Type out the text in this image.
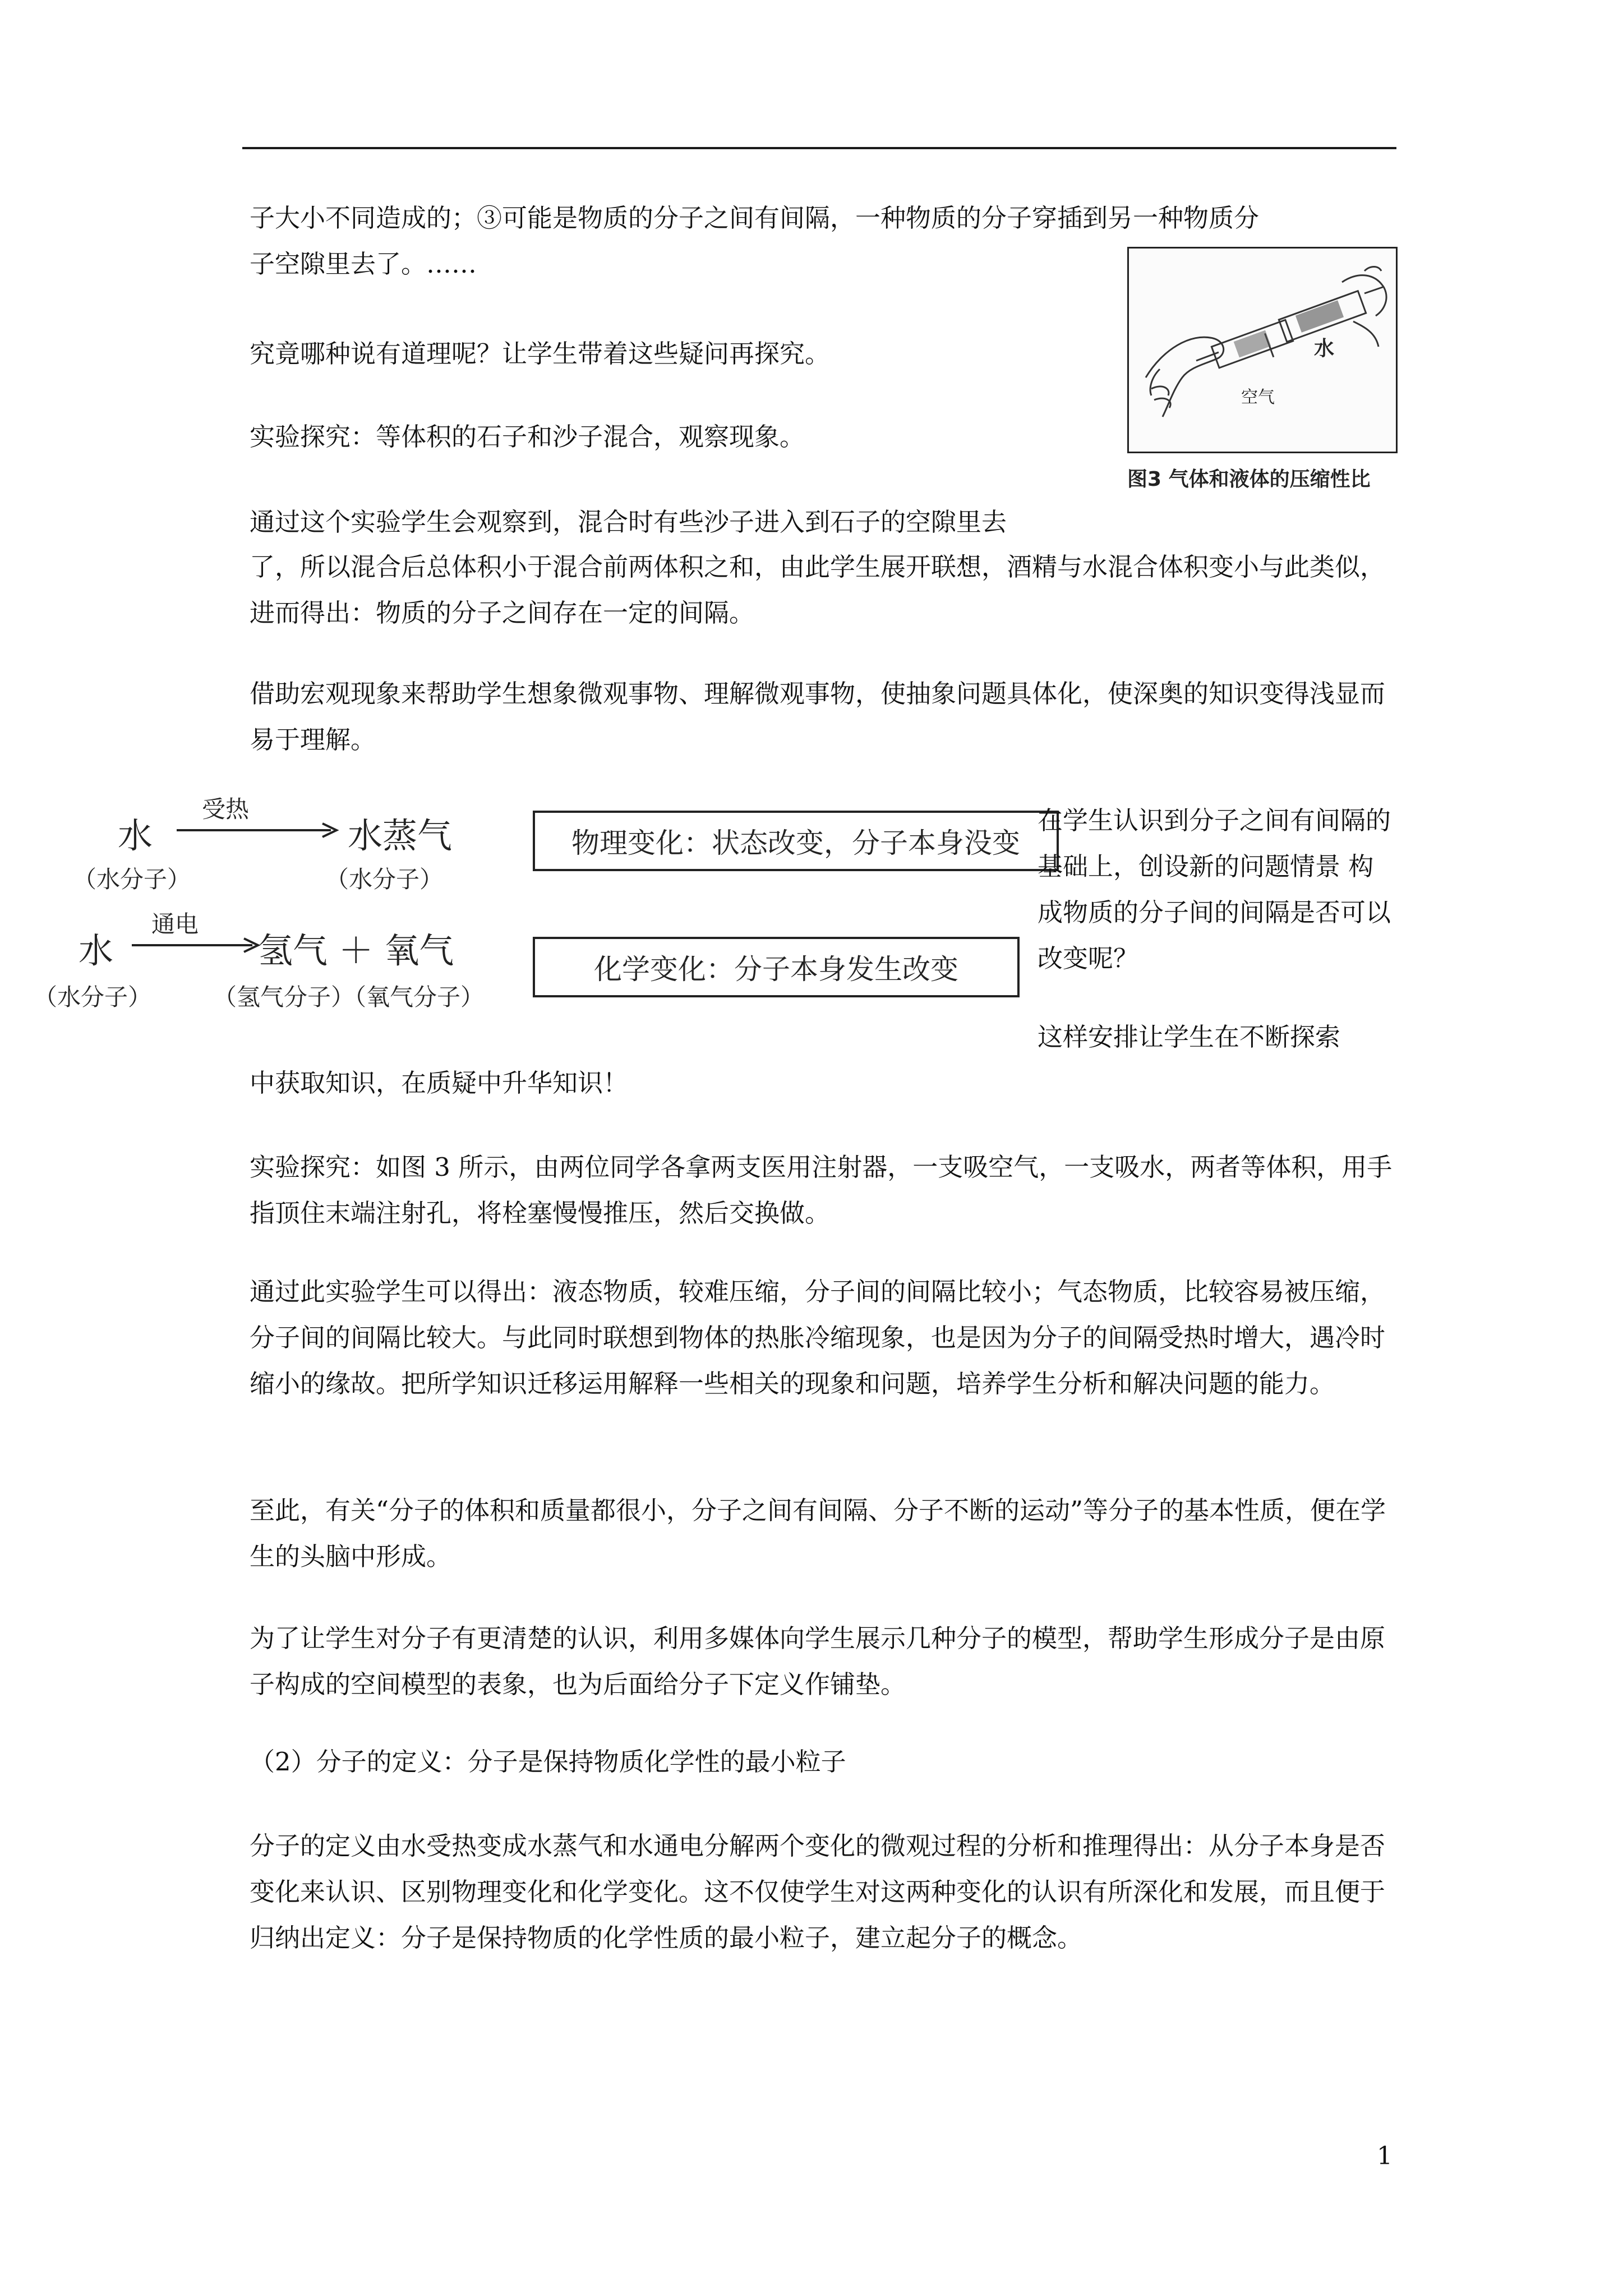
子大小不同造成的；③可能是物质的分子之间有间隔，一种物质的分子穿插到另一种物质分

子空隙里去了。……

水
空气
图3 气体和液体的压缩性比

究竟哪种说有道理呢？让学生带着这些疑问再探究。

实验探究：等体积的石子和沙子混合，观察现象。

通过这个实验学生会观察到，混合时有些沙子进入到石子的空隙里去

了，所以混合后总体积小于混合前两体积之和，由此学生展开联想，酒精与水混合体积变小与此类似，进而得出：物质的分子之间存在一定的间隔。

借助宏观现象来帮助学生想象微观事物、理解微观事物，使抽象问题具体化，使深奥的知识变得浅显而易于理解。

水
受热
水蒸气
（水分子）	（水分子）
物理变化：状态改变，分子本身没变
水
通电
氢气 ＋ 氧气
（水分子）	（氢气分子）（氧气分子）
化学变化：分子本身发生改变

在学生认识到分子之间有间隔的基础上，创设新的问题情景 构成物质的分子间的间隔是否可以改变呢？

这样安排让学生在不断探索

中获取知识，在质疑中升华知识！

实验探究：如图 3 所示，由两位同学各拿两支医用注射器，一支吸空气，一支吸水，两者等体积，用手指顶住末端注射孔，将栓塞慢慢推压，然后交换做。

通过此实验学生可以得出：液态物质，较难压缩，分子间的间隔比较小；气态物质，比较容易被压缩，分子间的间隔比较大。与此同时联想到物体的热胀冷缩现象，也是因为分子的间隔受热时增大，遇冷时缩小的缘故。把所学知识迁移运用解释一些相关的现象和问题，培养学生分析和解决问题的能力。

至此，有关“分子的体积和质量都很小，分子之间有间隔、分子不断的运动”等分子的基本性质，便在学生的头脑中形成。

为了让学生对分子有更清楚的认识，利用多媒体向学生展示几种分子的模型，帮助学生形成分子是由原子构成的空间模型的表象，也为后面给分子下定义作铺垫。

（2）分子的定义：分子是保持物质化学性的最小粒子

分子的定义由水受热变成水蒸气和水通电分解两个变化的微观过程的分析和推理得出：从分子本身是否变化来认识、区别物理变化和化学变化。这不仅使学生对这两种变化的认识有所深化和发展，而且便于归纳出定义：分子是保持物质的化学性质的最小粒子，建立起分子的概念。

1
